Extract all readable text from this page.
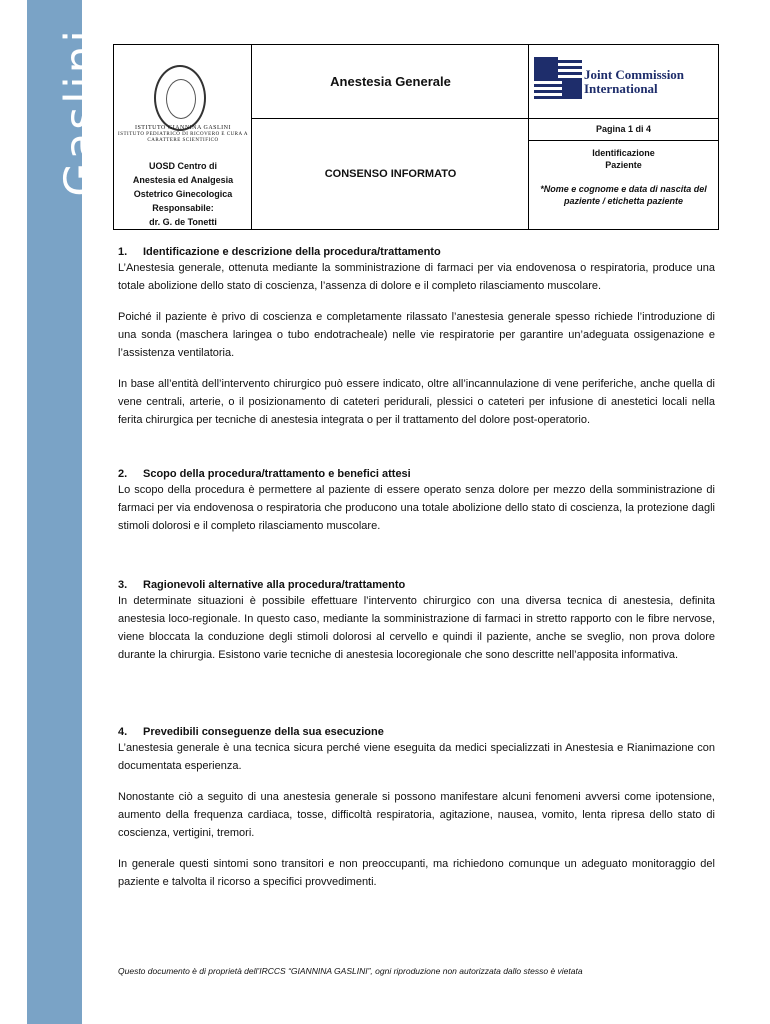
Gaslini	ISTITUTO GIANNINA GASLINI
ISTITUTO PEDIATRICO DI RICOVERO E CURA A CARATTERE SCIENTIFICO
UOSD Centro di
Anestesia ed Analgesia
Ostetrico Ginecologica
Responsabile:
dr. G. de Tonetti
Anestesia Generale
CONSENSO INFORMATO
Joint Commission
International
Pagina 1 di 4
Identificazione
Paziente
*Nome e cognome e data di nascita del paziente / etichetta paziente

1. Identificazione e descrizione della procedura/trattamento

L’Anestesia generale, ottenuta mediante la somministrazione di farmaci per via endovenosa o respiratoria, produce una totale abolizione dello stato di coscienza, l’assenza di dolore e il completo rilasciamento muscolare.

Poiché il paziente è privo di coscienza e completamente rilassato l’anestesia generale spesso richiede l’introduzione di una sonda (maschera laringea o tubo endotracheale) nelle vie respiratorie per garantire un’adeguata ossigenazione e l’assistenza ventilatoria.

In base all’entità dell’intervento chirurgico può essere indicato, oltre all’incannulazione di vene periferiche, anche quella di vene centrali, arterie, o il posizionamento di cateteri peridurali, plessici o cateteri per infusione di anestetici locali nella ferita chirurgica per tecniche di anestesia integrata o per il trattamento del dolore post-operatorio.

2. Scopo della procedura/trattamento e benefici attesi

Lo scopo della procedura è permettere al paziente di essere operato senza dolore per mezzo della somministrazione di farmaci per via endovenosa o respiratoria che producono una totale abolizione dello stato di coscienza, la protezione dagli stimoli dolorosi e il completo rilasciamento muscolare.

3. Ragionevoli alternative alla procedura/trattamento

In determinate situazioni è possibile effettuare l’intervento chirurgico con una diversa tecnica di anestesia, definita anestesia loco-regionale. In questo caso, mediante la somministrazione di farmaci in stretto rapporto con le fibre nervose, viene bloccata la conduzione degli stimoli dolorosi al cervello e quindi il paziente, anche se sveglio, non prova dolore durante la chirurgia. Esistono varie tecniche di anestesia locoregionale che sono descritte nell’apposita informativa.

4. Prevedibili conseguenze della sua esecuzione

L’anestesia generale è una tecnica sicura perché viene eseguita da medici specializzati in Anestesia e Rianimazione con documentata esperienza.

Nonostante ciò a seguito di una anestesia generale si possono manifestare alcuni fenomeni avversi come ipotensione, aumento della frequenza cardiaca, tosse, difficoltà respiratoria, agitazione, nausea, vomito, lenta ripresa dello stato di coscienza, vertigini, tremori.

In generale questi sintomi sono transitori e non preoccupanti, ma richiedono comunque un adeguato monitoraggio del paziente e talvolta il ricorso a specifici provvedimenti.

Questo documento è di proprietà dell’IRCCS “GIANNINA GASLINI”, ogni riproduzione non autorizzata dallo stesso è vietata
